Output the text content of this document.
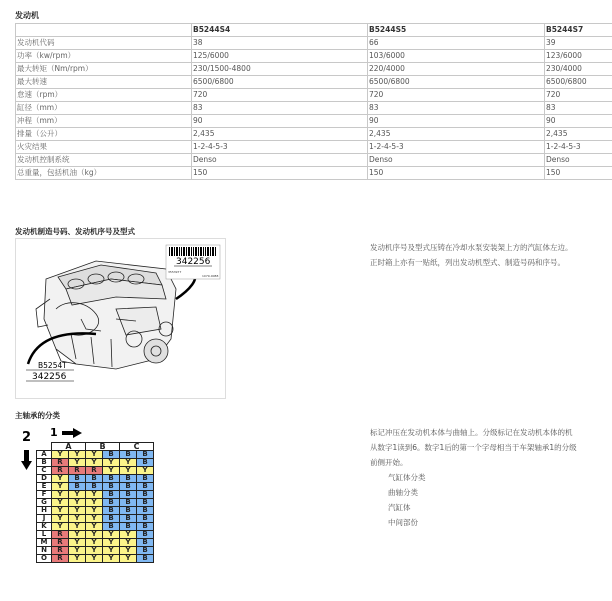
发动机
	B5244S4	B5244S5	B5244S7
发动机代码	38	66	39
功率（kw/rpm）	125/6000	103/6000	123/6000
最大转矩（Nm/rpm）	230/1500-4800	220/4000	230/4000
最大转速	6500/6800	6500/6800	6500/6800
怠速（rpm）	720	720	720
缸径（mm）	83	83	83
冲程（mm）	90	90	90
排量（公升）	2,435	2,435	2,435
火灾结果	1-2-4-5-3	1-2-4-5-3	1-2-4-5-3
发动机控制系统	Denso	Denso	Denso
总重量，包括机油（kg）	150	150	150
发动机制造号码、发动机序号及型式
342256
3553977
1079-0088
B5254T
342256
发动机序号及型式压铸在冷却水泵安装架上方的汽缸体左边。
正时箱上亦有一贴纸，列出发动机型式、制造号码和序号。
主轴承的分类
2 1
	A		B		C	
A	Y	Y	Y	B	B	B
B	R	Y	Y	Y	Y	B
C	R	R	R	Y	Y	Y
D	Y	B	B	B	B	B
E	Y	B	B	B	B	B
F	Y	Y	Y	B	B	B
G	Y	Y	Y	B	B	B
H	Y	Y	Y	B	B	B
J	Y	Y	Y	B	B	B
K	Y	Y	Y	B	B	B
L	R	Y	Y	Y	Y	B
M	R	Y	Y	Y	Y	B
N	R	Y	Y	Y	Y	B
O	R	Y	Y	Y	Y	B
标记冲压在发动机本体与曲轴上。分级标记在发动机本体的机
从数字1读到6。数字1后的第一个字母相当于车架轴承1的分级
前侧开始。
气缸体分类
曲轴分类
汽缸体
中间部份
